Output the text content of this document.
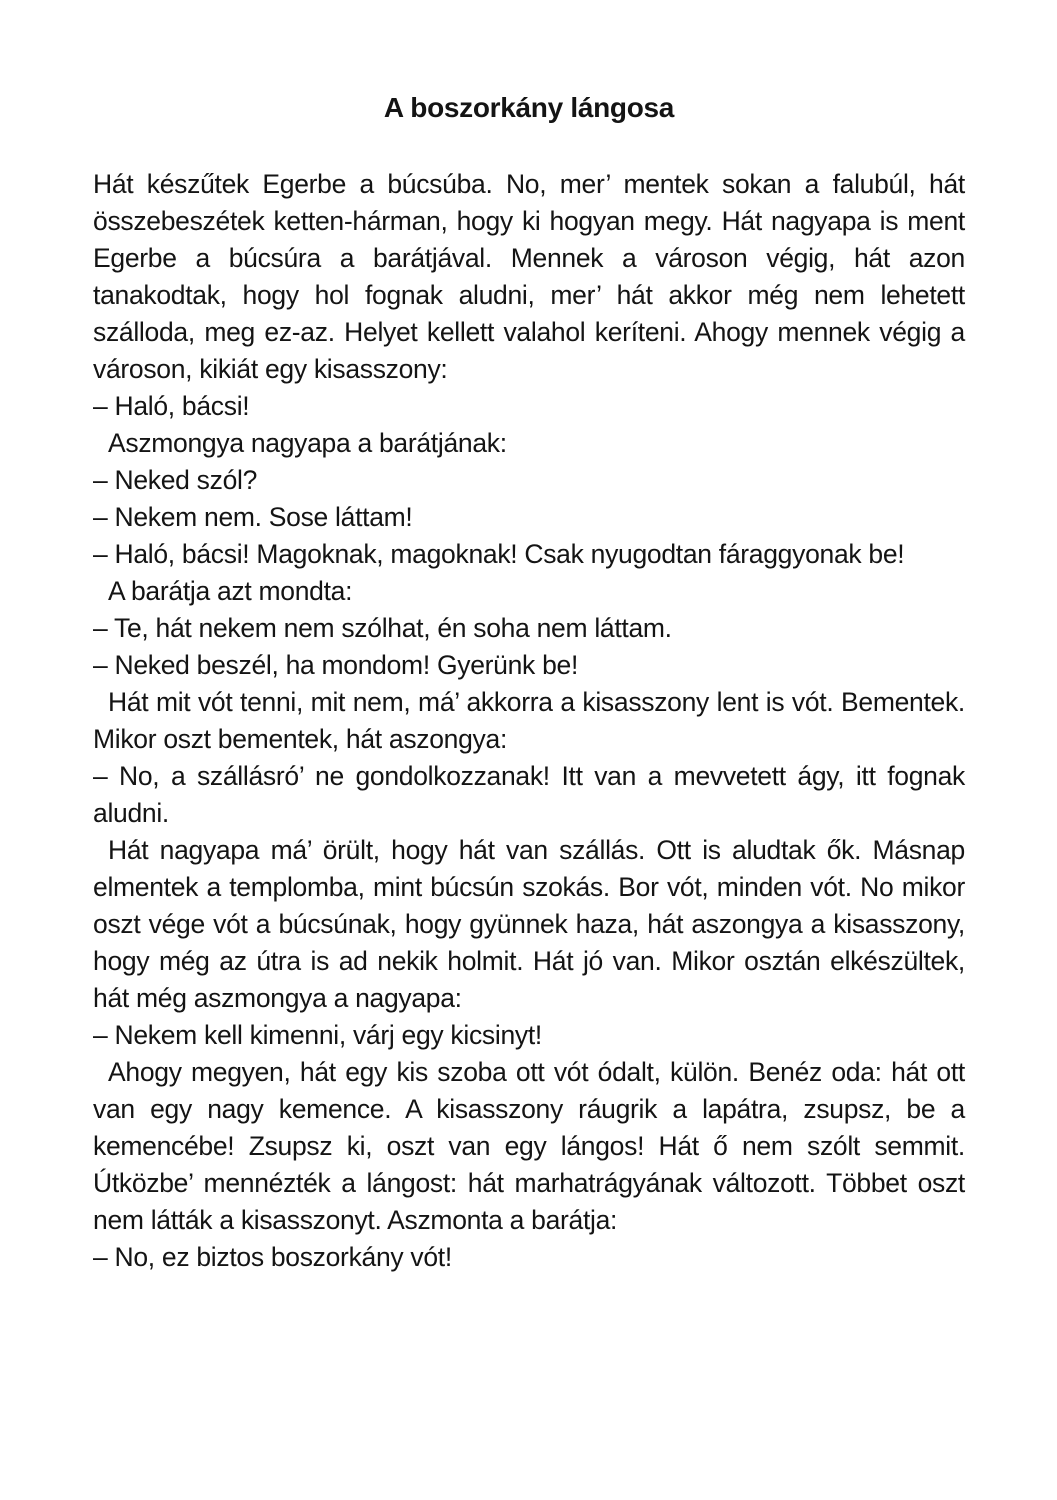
A boszorkány lángosa

Hát készűtek Egerbe a búcsúba. No, mer’ mentek sokan a falubúl, hát összebeszétek ketten-hárman, hogy ki hogyan megy. Hát nagyapa is ment Egerbe a búcsúra a barátjával. Mennek a városon végig, hát azon tanakodtak, hogy hol fognak aludni, mer’ hát akkor még nem lehetett szálloda, meg ez-az. Helyet kellett valahol keríteni. Ahogy mennek végig a városon, kikiát egy kisasszony:

– Haló, bácsi!

Aszmongya nagyapa a barátjának:

– Neked szól?

– Nekem nem. Sose láttam!

– Haló, bácsi! Magoknak, magoknak! Csak nyugodtan fáraggyonak be!

A barátja azt mondta:

– Te, hát nekem nem szólhat, én soha nem láttam.

– Neked beszél, ha mondom! Gyerünk be!

Hát mit vót tenni, mit nem, má’ akkorra a kisasszony lent is vót. Bementek. Mikor oszt bementek, hát aszongya:

– No, a szállásró’ ne gondolkozzanak! Itt van a mevvetett ágy, itt fognak aludni.

Hát nagyapa má’ örült, hogy hát van szállás. Ott is aludtak ők. Másnap elmentek a templomba, mint búcsún szokás. Bor vót, minden vót. No mikor oszt vége vót a búcsúnak, hogy gyünnek haza, hát aszongya a kisasszony, hogy még az útra is ad nekik holmit. Hát jó van. Mikor osztán elkészültek, hát még aszmongya a nagyapa:

– Nekem kell kimenni, várj egy kicsinyt!

Ahogy megyen, hát egy kis szoba ott vót ódalt, külön. Benéz oda: hát ott van egy nagy kemence. A kisasszony ráugrik a lapátra, zsupsz, be a kemencébe! Zsupsz ki, oszt van egy lángos! Hát ő nem szólt semmit. Útközbe’ mennézték a lángost: hát marhatrágyának változott. Többet oszt nem látták a kisasszonyt. Aszmonta a barátja:

– No, ez biztos boszorkány vót!
